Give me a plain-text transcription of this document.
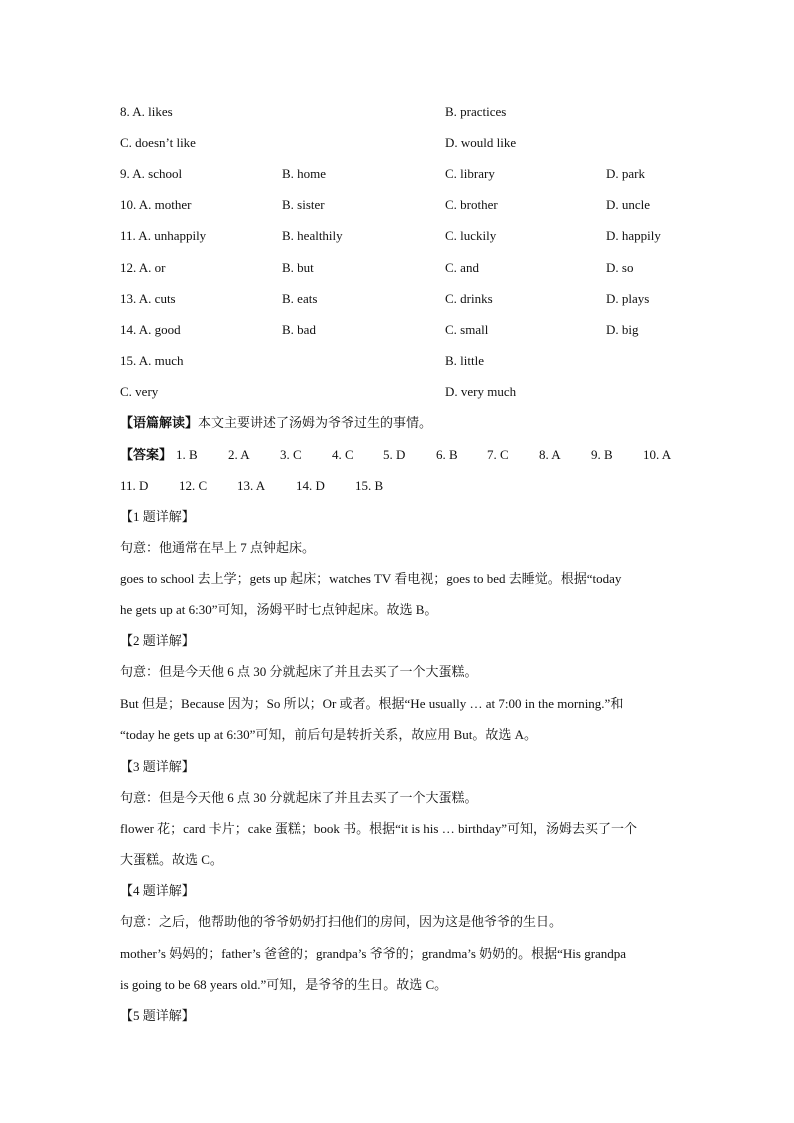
8. A. likes	B. practices
C. doesn’t like	D. would like
9. A. school	B. home	C. library	D. park
10. A. mother	B. sister	C. brother	D. uncle
11. A. unhappily	B. healthily	C. luckily	D. happily
12. A. or	B. but	C. and	D. so
13. A. cuts	B. eats	C. drinks	D. plays
14. A. good	B. bad	C. small	D. big
15. A. much	B. little
C. very	D. very much
【语篇解读】本文主要讲述了汤姆为爷爷过生的事情。
【答案】 1. B 2. A 3. C 4. C 5. D 6. B 7. C 8. A 9. B 10. A
11. D 12. C 13. A 14. D 15. B
【1 题详解】
句意：他通常在早上 7 点钟起床。
goes to school 去上学；gets up 起床；watches TV 看电视；goes to bed 去睡觉。根据“today
he gets up at 6:30”可知，汤姆平时七点钟起床。故选 B。
【2 题详解】
句意：但是今天他 6 点 30 分就起床了并且去买了一个大蛋糕。
But 但是；Because 因为；So 所以；Or 或者。根据“He usually … at 7:00 in the morning.”和
“today he gets up at 6:30”可知，前后句是转折关系，故应用 But。故选 A。
【3 题详解】
句意：但是今天他 6 点 30 分就起床了并且去买了一个大蛋糕。
flower 花；card 卡片；cake 蛋糕；book 书。根据“it is his … birthday”可知，汤姆去买了一个
大蛋糕。故选 C。
【4 题详解】
句意：之后，他帮助他的爷爷奶奶打扫他们的房间，因为这是他爷爷的生日。
mother’s 妈妈的；father’s 爸爸的；grandpa’s 爷爷的；grandma’s 奶奶的。根据“His grandpa
is going to be 68 years old.”可知，是爷爷的生日。故选 C。
【5 题详解】
